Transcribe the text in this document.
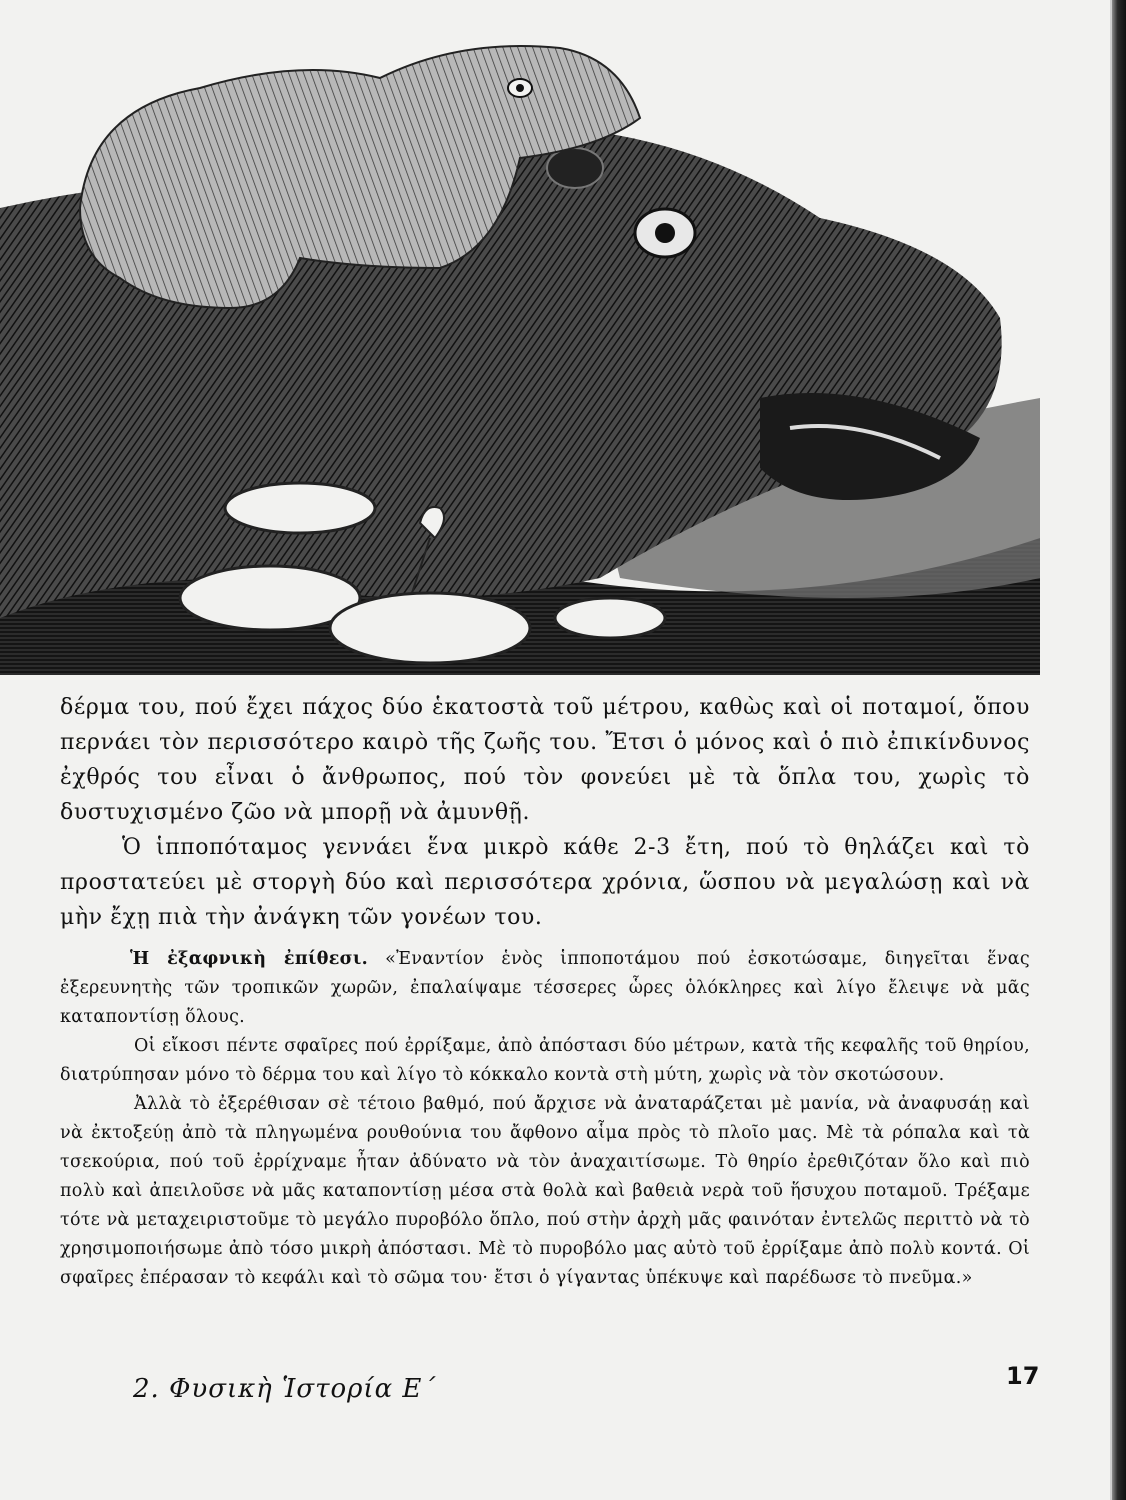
δέρμα του, πού ἔχει πάχος δύο ἑκατοστὰ τοῦ μέτρου, καθὼς καὶ οἱ ποταμοί, ὅπου περνάει τὸν περισσότερο καιρὸ τῆς ζωῆς του. Ἔτσι ὁ μόνος καὶ ὁ πιὸ ἐπικίνδυνος ἐχθρός του εἶναι ὁ ἄνθρωπος, πού τὸν φονεύει μὲ τὰ ὅπλα του, χωρὶς τὸ δυστυχισμένο ζῶο νὰ μπορῇ νὰ ἀμυνθῇ.

Ὁ ἱπποπόταμος γεννάει ἕνα μικρὸ κάθε 2-3 ἔτη, πού τὸ θηλάζει καὶ τὸ προστατεύει μὲ στοργὴ δύο καὶ περισσότερα χρόνια, ὥσπου νὰ μεγαλώσῃ καὶ νὰ μὴν ἔχῃ πιὰ τὴν ἀνάγκη τῶν γονέων του.

Ἡ ἐξαφνικὴ ἐπίθεσι. «Ἐναντίον ἑνὸς ἱπποποτάμου πού ἐσκοτώσαμε, διηγεῖται ἕνας ἐξερευνητὴς τῶν τροπικῶν χωρῶν, ἐπαλαίψαμε τέσσερες ὧρες ὁλόκληρες καὶ λίγο ἔλειψε νὰ μᾶς καταποντίσῃ ὅλους.

Οἱ εἴκοσι πέντε σφαῖρες πού ἐρρίξαμε, ἀπὸ ἀπόστασι δύο μέτρων, κατὰ τῆς κεφαλῆς τοῦ θηρίου, διατρύπησαν μόνο τὸ δέρμα του καὶ λίγο τὸ κόκκαλο κοντὰ στὴ μύτη, χωρὶς νὰ τὸν σκοτώσουν.

Ἀλλὰ τὸ ἐξερέθισαν σὲ τέτοιο βαθμό, πού ἄρχισε νὰ ἀναταράζεται μὲ μανία, νὰ ἀναφυσάῃ καὶ νὰ ἐκτοξεύῃ ἀπὸ τὰ πληγωμένα ρουθούνια του ἄφθονο αἷμα πρὸς τὸ πλοῖο μας. Μὲ τὰ ρόπαλα καὶ τὰ τσεκούρια, πού τοῦ ἐρρίχναμε ἦταν ἀδύνατο νὰ τὸν ἀναχαιτίσωμε. Τὸ θηρίο ἐρεθιζόταν ὅλο καὶ πιὸ πολὺ καὶ ἀπειλοῦσε νὰ μᾶς καταποντίσῃ μέσα στὰ θολὰ καὶ βαθειὰ νερὰ τοῦ ἥσυχου ποταμοῦ. Τρέξαμε τότε νὰ μεταχειριστοῦμε τὸ μεγάλο πυροβόλο ὅπλο, πού στὴν ἀρχὴ μᾶς φαινόταν ἐντελῶς περιττὸ νὰ τὸ χρησιμοποιήσωμε ἀπὸ τόσο μικρὴ ἀπόστασι. Μὲ τὸ πυροβόλο μας αὐτὸ τοῦ ἐρρίξαμε ἀπὸ πολὺ κοντά. Οἱ σφαῖρες ἐπέρασαν τὸ κεφάλι καὶ τὸ σῶμα του· ἔτσι ὁ γίγαντας ὑπέκυψε καὶ παρέδωσε τὸ πνεῦμα.»

2. Φυσικὴ Ἱστορία Ε΄	17
